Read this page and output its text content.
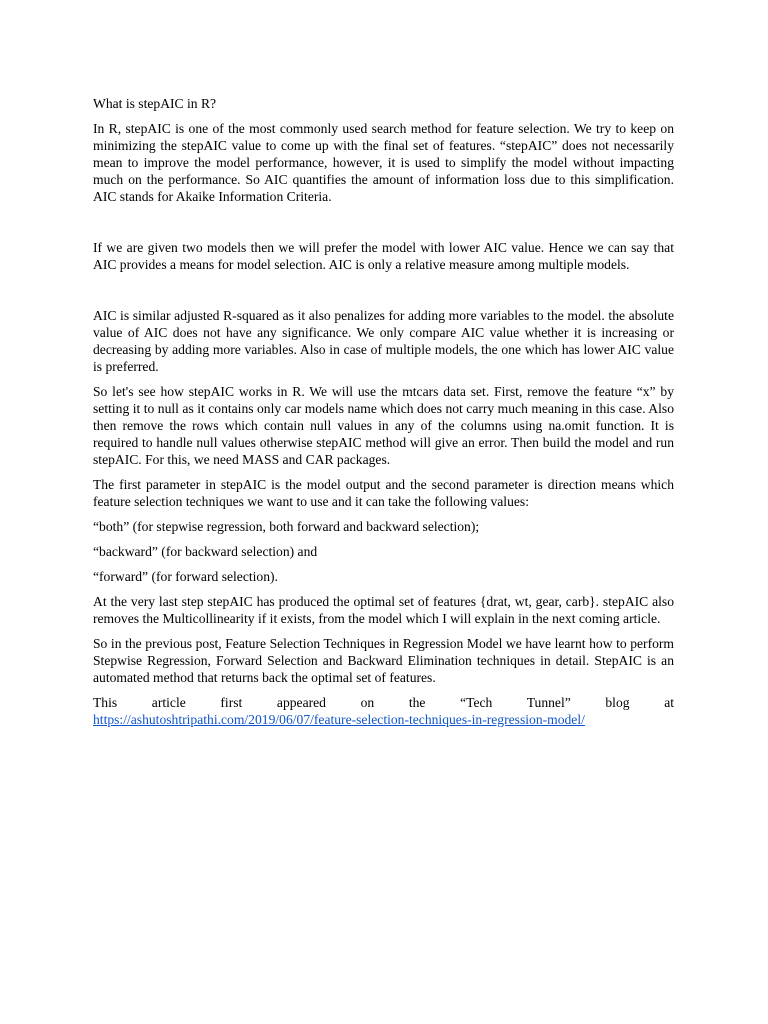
What is stepAIC in R?

In R, stepAIC is one of the most commonly used search method for feature selection. We try to keep on minimizing the stepAIC value to come up with the final set of features. “stepAIC” does not necessarily mean to improve the model performance, however, it is used to simplify the model without impacting much on the performance. So AIC quantifies the amount of information loss due to this simplification. AIC stands for Akaike Information Criteria.

If we are given two models then we will prefer the model with lower AIC value. Hence we can say that AIC provides a means for model selection. AIC is only a relative measure among multiple models.

AIC is similar adjusted R-squared as it also penalizes for adding more variables to the model. the absolute value of AIC does not have any significance. We only compare AIC value whether it is increasing or decreasing by adding more variables. Also in case of multiple models, the one which has lower AIC value is preferred.

So let's see how stepAIC works in R. We will use the mtcars data set. First, remove the feature “x” by setting it to null as it contains only car models name which does not carry much meaning in this case. Also then remove the rows which contain null values in any of the columns using na.omit function. It is required to handle null values otherwise stepAIC method will give an error. Then build the model and run stepAIC. For this, we need MASS and CAR packages.

The first parameter in stepAIC is the model output and the second parameter is direction means which feature selection techniques we want to use and it can take the following values:

“both” (for stepwise regression, both forward and backward selection);

“backward” (for backward selection) and

“forward” (for forward selection).

At the very last step stepAIC has produced the optimal set of features {drat, wt, gear, carb}. stepAIC also removes the Multicollinearity if it exists, from the model which I will explain in the next coming article.

So in the previous post, Feature Selection Techniques in Regression Model we have learnt how to perform Stepwise Regression, Forward Selection and Backward Elimination techniques in detail. StepAIC is an automated method that returns back the optimal set of features.

This article first appeared on the “Tech Tunnel” blog at
https://ashutoshtripathi.com/2019/06/07/feature-selection-techniques-in-regression-model/
